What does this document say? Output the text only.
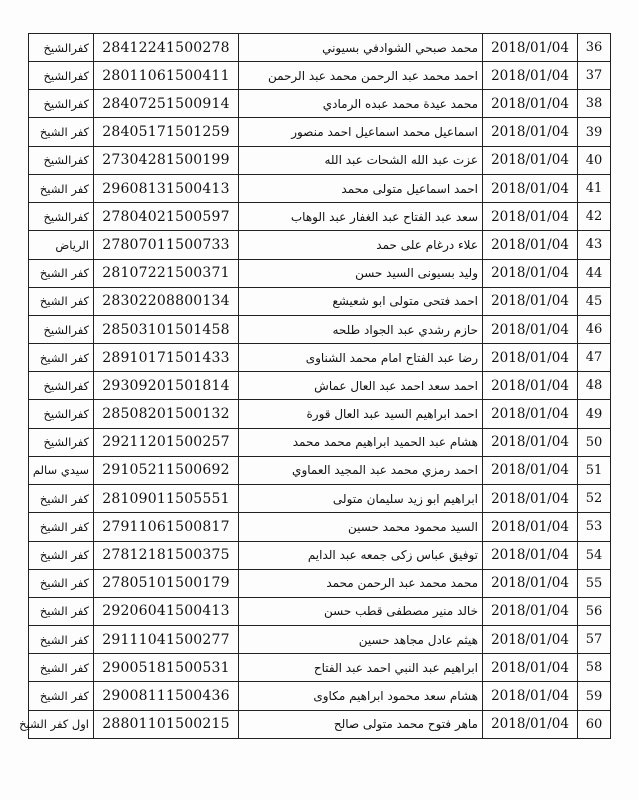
36	2018/01/04	محمد صبحي الشوادفي بسيوني	28412241500278	كفرالشيخ
37	2018/01/04	احمد محمد عبد الرحمن محمد عبد الرحمن	28011061500411	كفرالشيخ
38	2018/01/04	محمد عيدة محمد عبده الرمادي	28407251500914	كفرالشيخ
39	2018/01/04	اسماعيل محمد اسماعيل احمد منصور	28405171501259	كفر الشيخ
40	2018/01/04	عزت عبد الله الشحات عبد الله	27304281500199	كفرالشيخ
41	2018/01/04	احمد اسماعيل متولى محمد	29608131500413	كفر الشيخ
42	2018/01/04	سعد عبد الفتاح عبد الغفار عبد الوهاب	27804021500597	كفرالشيخ
43	2018/01/04	علاء درغام على حمد	27807011500733	الرياض
44	2018/01/04	وليد بسيونى السيد حسن	28107221500371	كفر الشيخ
45	2018/01/04	احمد فتحى متولى ابو شعيشع	28302208800134	كفر الشيخ
46	2018/01/04	حازم رشدي عبد الجواد طلحه	28503101501458	كفرالشيخ
47	2018/01/04	رضا عبد الفتاح امام محمد الشناوى	28910171501433	كفر الشيخ
48	2018/01/04	احمد سعد احمد عبد العال عماش	29309201501814	كفرالشيخ
49	2018/01/04	احمد ابراهيم السيد عبد العال قورة	28508201500132	كفرالشيخ
50	2018/01/04	هشام عبد الحميد ابراهيم محمد محمد	29211201500257	كفرالشيخ
51	2018/01/04	احمد رمزي محمد عبد المجيد العماوي	29105211500692	سيدي سالم
52	2018/01/04	ابراهيم ابو زيد سليمان متولى	28109011505551	كفر الشيخ
53	2018/01/04	السيد محمود محمد حسين	27911061500817	كفر الشيخ
54	2018/01/04	توفيق عباس زكى جمعه عبد الدايم	27812181500375	كفر الشيخ
55	2018/01/04	محمد محمد عبد الرحمن محمد	27805101500179	كفر الشيخ
56	2018/01/04	خالد منير مصطفى قطب حسن	29206041500413	كفر الشيخ
57	2018/01/04	هيثم عادل مجاهد حسين	29111041500277	كفر الشيخ
58	2018/01/04	ابراهيم عبد النبي احمد عبد الفتاح	29005181500531	كفر الشيخ
59	2018/01/04	هشام سعد محمود ابراهيم مكاوى	29008111500436	كفر الشيخ
60	2018/01/04	ماهر فتوح محمد متولى صالح	28801101500215	اول كفر الشيخ
